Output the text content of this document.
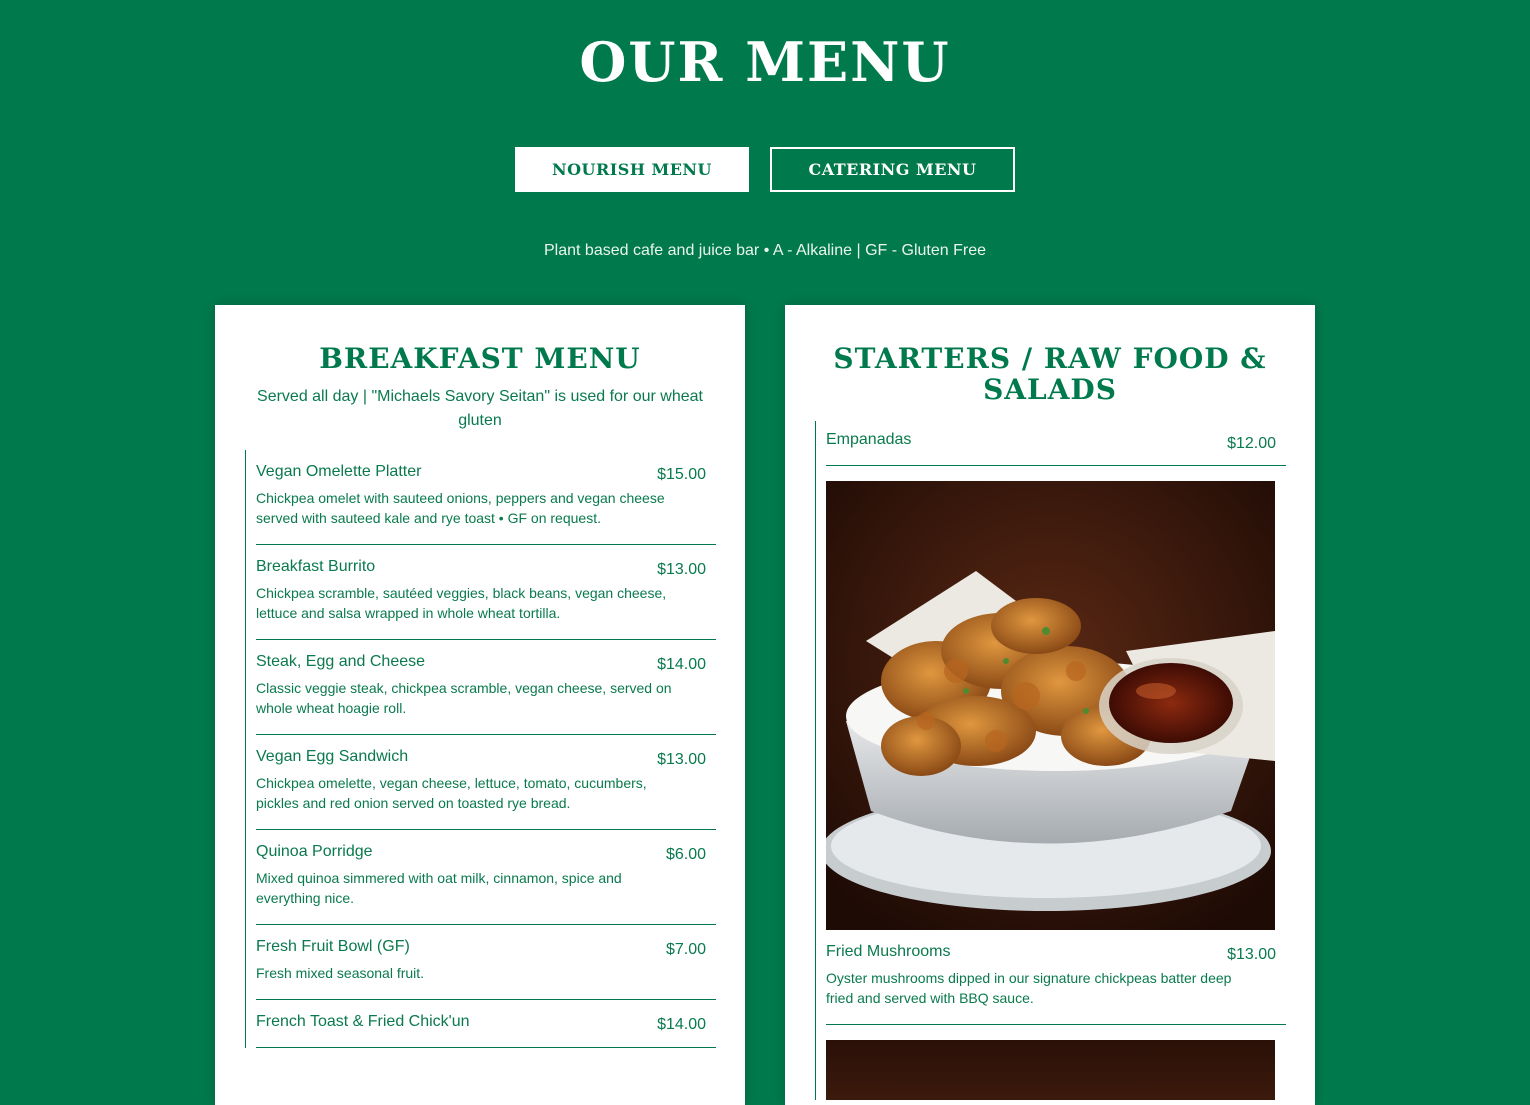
OUR MENU
NOURISH MENU	CATERING MENU
Plant based cafe and juice bar • A - Alkaline | GF - Gluten Free
BREAKFAST MENU
Served all day | "Michaels Savory Seitan" is used for our wheat gluten
Vegan Omelette Platter	$15.00
Chickpea omelet with sauteed onions, peppers and vegan cheese served with sauteed kale and rye toast • GF on request.
Breakfast Burrito	$13.00
Chickpea scramble, sautéed veggies, black beans, vegan cheese, lettuce and salsa wrapped in whole wheat tortilla.
Steak, Egg and Cheese	$14.00
Classic veggie steak, chickpea scramble, vegan cheese, served on whole wheat hoagie roll.
Vegan Egg Sandwich	$13.00
Chickpea omelette, vegan cheese, lettuce, tomato, cucumbers, pickles and red onion served on toasted rye bread.
Quinoa Porridge	$6.00
Mixed quinoa simmered with oat milk, cinnamon, spice and everything nice.
Fresh Fruit Bowl (GF)	$7.00
Fresh mixed seasonal fruit.
French Toast & Fried Chick'un	$14.00
STARTERS / RAW FOOD & SALADS
Empanadas	$12.00
Fried Mushrooms	$13.00
Oyster mushrooms dipped in our signature chickpeas batter deep fried and served with BBQ sauce.
